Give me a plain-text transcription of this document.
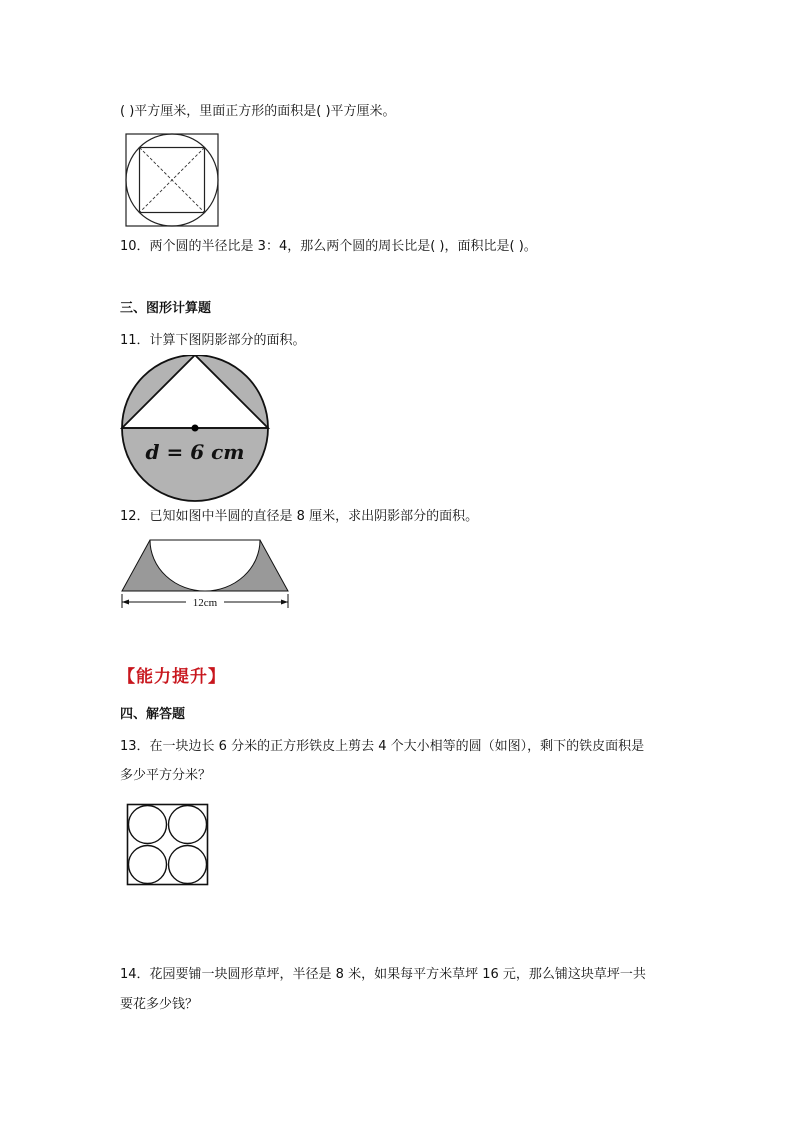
( )平方厘米，里面正方形的面积是( )平方厘米。
10．两个圆的半径比是 3：4，那么两个圆的周长比是( )，面积比是( )。
三、图形计算题
11．计算下图阴影部分的面积。
d = 6 cm
12．已知如图中半圆的直径是 8 厘米，求出阴影部分的面积。
12cm
【能力提升】
四、解答题
13．在一块边长 6 分米的正方形铁皮上剪去 4 个大小相等的圆（如图），剩下的铁皮面积是
多少平方分米？
14．花园要铺一块圆形草坪，半径是 8 米，如果每平方米草坪 16 元，那么铺这块草坪一共
要花多少钱？
